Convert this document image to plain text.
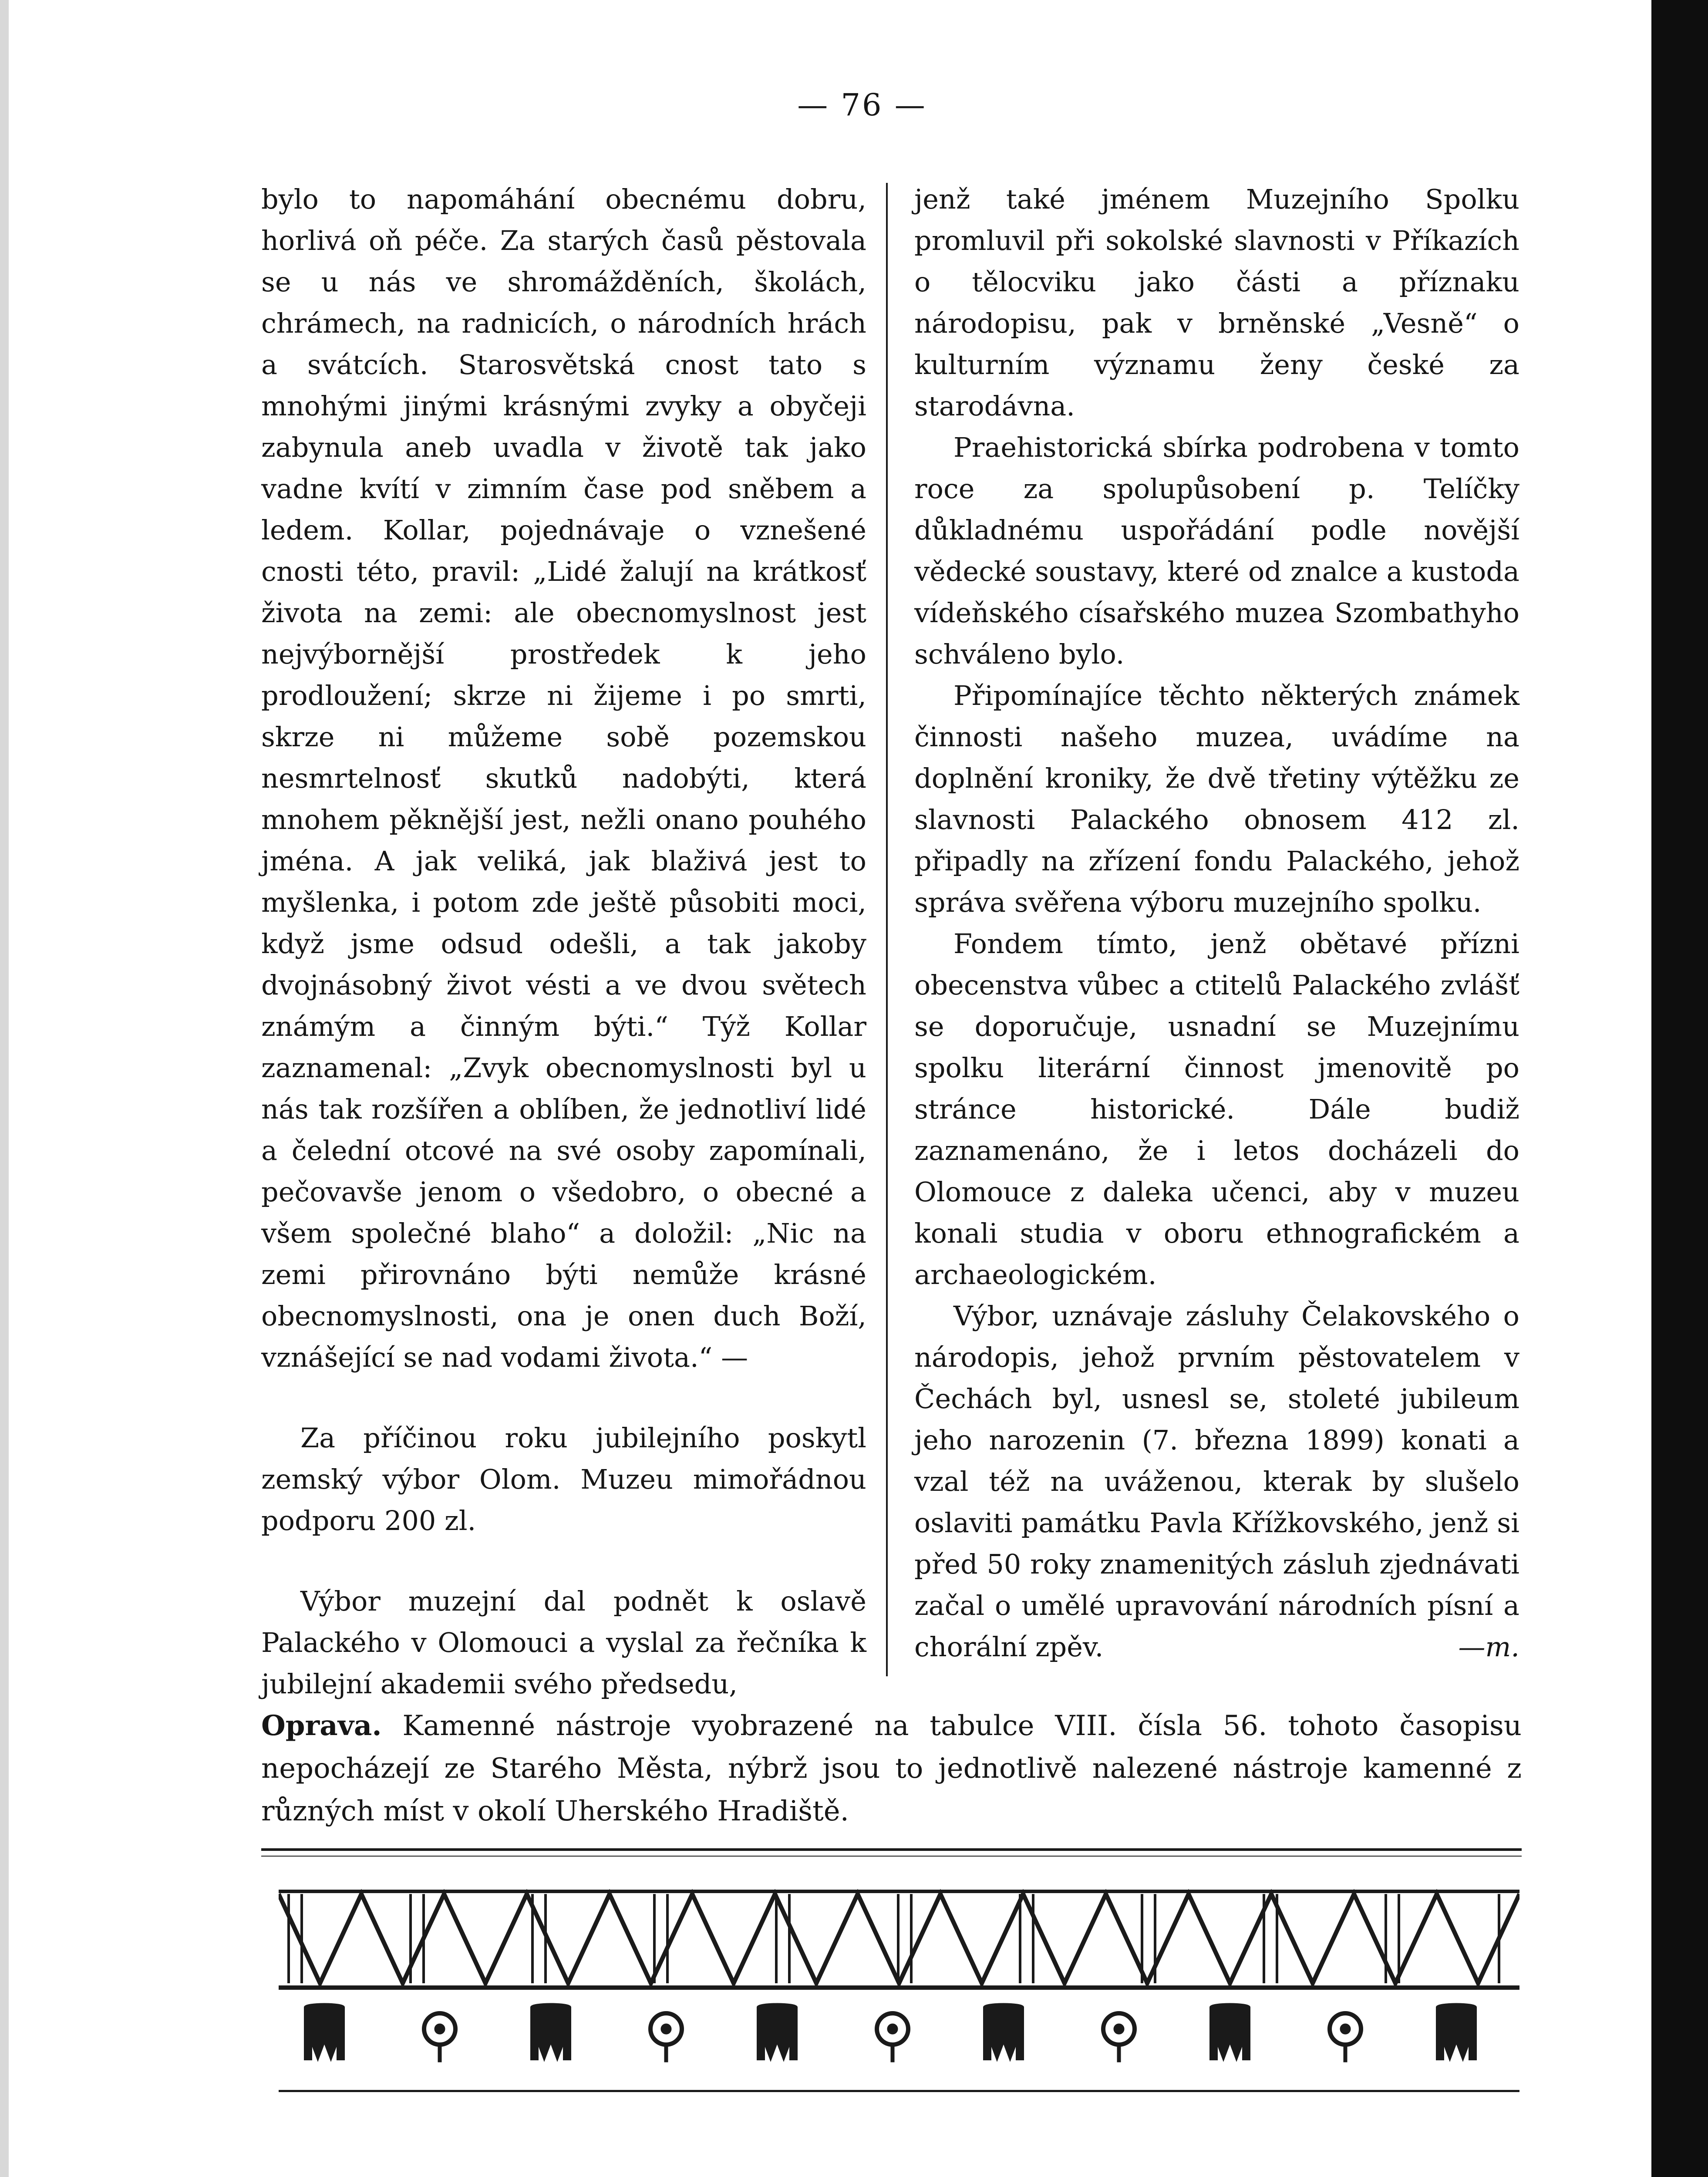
— 76 —

bylo to napomáhání obecnému dobru, horlivá oň péče. Za starých časů pěstovala se u nás ve shromážděních, školách, chrámech, na radnicích, o národních hrách a svátcích. Starosvětská cnost tato s mnohými jinými krásnými zvyky a obyčeji zabynula aneb uvadla v životě tak jako vadne kvítí v zimním čase pod sněbem a ledem. Kollar, pojednávaje o vznešené cnosti této, pravil: „Lidé žalují na krátkosť života na zemi: ale obecnomyslnost jest nejvýbornější prostředek k jeho prodloužení; skrze ni žijeme i po smrti, skrze ni můžeme sobě pozemskou nesmrtelnosť skutků nadobýti, která mnohem pěknější jest, nežli onano pouhého jména. A jak veliká, jak blaživá jest to myšlenka, i potom zde ještě působiti moci, když jsme odsud odešli, a tak jakoby dvojnásobný život vésti a ve dvou světech známým a činným býti.“ Týž Kollar zaznamenal: „Zvyk obecnomyslnosti byl u nás tak rozšířen a oblíben, že jednotliví lidé a čelední otcové na své osoby zapomínali, pečovavše jenom o všedobro, o obecné a všem společné blaho“ a doložil: „Nic na zemi přirovnáno býti nemůže krásné obecnomyslnosti, ona je onen duch Boží, vznášející se nad vodami života.“ —

Za příčinou roku jubilejního poskytl zemský výbor Olom. Muzeu mimořádnou podporu 200 zl.

Výbor muzejní dal podnět k oslavě Palackého v Olomouci a vyslal za řečníka k jubilejní akademii svého předsedu,

jenž také jménem Muzejního Spolku promluvil při sokolské slavnosti v Příkazích o tělocviku jako části a příznaku národopisu, pak v brněnské „Vesně“ o kulturním významu ženy české za starodávna.

Praehistorická sbírka podrobena v tomto roce za spolupůsobení p. Telíčky důkladnému uspořádání podle novější vědecké soustavy, které od znalce a kustoda vídeňského císařského muzea Szombathyho schváleno bylo.

Připomínajíce těchto některých známek činnosti našeho muzea, uvádíme na doplnění kroniky, že dvě třetiny výtěžku ze slavnosti Palackého obnosem 412 zl. připadly na zřízení fondu Palackého, jehož správa svěřena výboru muzejního spolku.

Fondem tímto, jenž obětavé přízni obecenstva vůbec a ctitelů Palackého zvlášť se doporučuje, usnadní se Muzejnímu spolku literární činnost jmenovitě po stránce historické. Dále budiž zaznamenáno, že i letos docházeli do Olomouce z daleka učenci, aby v muzeu konali studia v oboru ethnografickém a archaeologickém.

Výbor, uznávaje zásluhy Čelakovského o národopis, jehož prvním pěstovatelem v Čechách byl, usnesl se, stoleté jubileum jeho narozenin (7. března 1899) konati a vzal též na uváženou, kterak by slušelo oslaviti památku Pavla Křížkovského, jenž si před 50 roky znamenitých zásluh zjednávati začal o umělé upravování národních písní a chorální zpěv.	—m.

Oprava. Kamenné nástroje vyobrazené na tabulce VIII. čísla 56. tohoto časopisu nepocházejí ze Starého Města, nýbrž jsou to jednotlivě nalezené nástroje kamenné z různých míst v okolí Uherského Hradiště.
